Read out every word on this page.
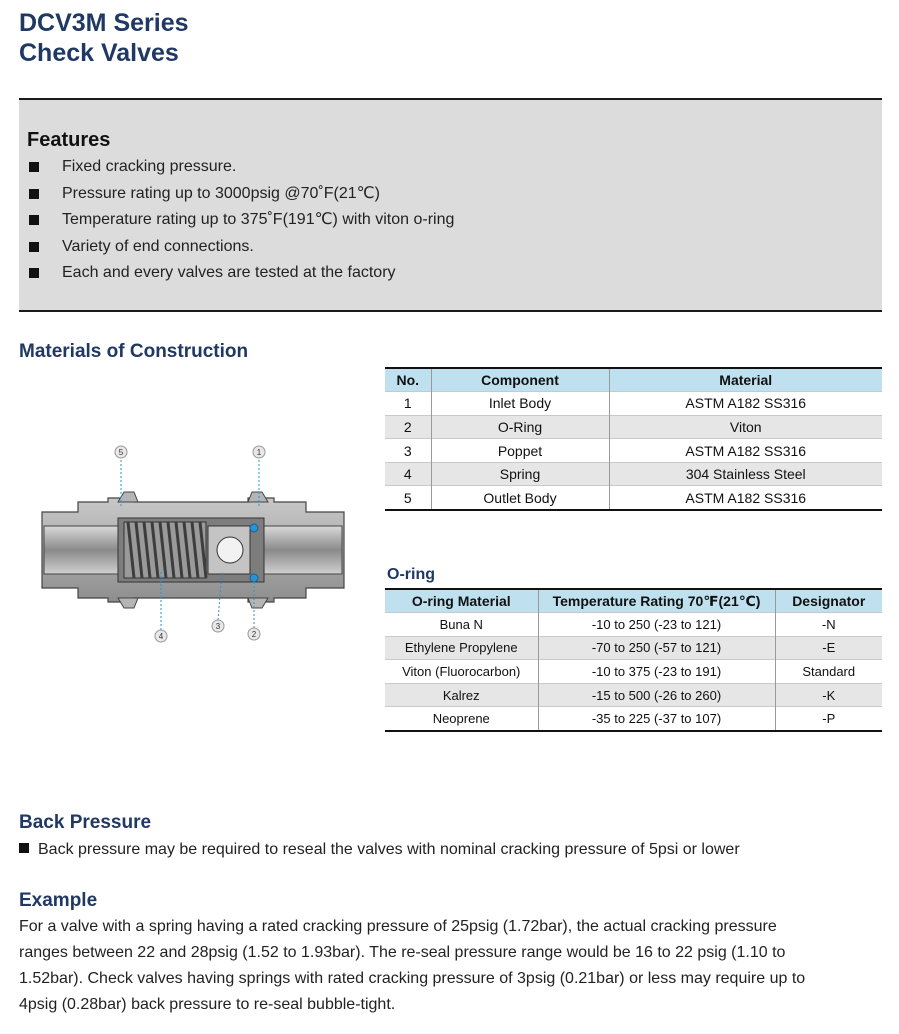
DCV3M Series
Check Valves
Features
Fixed cracking pressure.
Pressure rating up to 3000psig @70˚F(21℃)
Temperature rating up to 375˚F(191℃) with viton o-ring
Variety of end connections.
Each and every valves are tested at the factory
Materials of Construction
5	1
4
3
2
No.	Component	Material
1	Inlet Body	ASTM A182 SS316
2	O-Ring	Viton
3	Poppet	ASTM A182 SS316
4	Spring	304 Stainless Steel
5	Outlet Body	ASTM A182 SS316
O-ring
O-ring Material	Temperature Rating 70℉(21℃)	Designator
Buna N	-10 to 250 (-23 to 121)	-N
Ethylene Propylene	-70 to 250 (-57 to 121)	-E
Viton (Fluorocarbon)	-10 to 375 (-23 to 191)	Standard
Kalrez	-15 to 500 (-26 to 260)	-K
Neoprene	-35 to 225 (-37 to 107)	-P
Back Pressure
Back pressure may be required to reseal the valves with nominal cracking pressure of 5psi or lower
Example
For a valve with a spring having a rated cracking pressure of 25psig (1.72bar), the actual cracking pressure ranges between 22 and 28psig (1.52 to 1.93bar). The re-seal pressure range would be 16 to 22 psig (1.10 to 1.52bar). Check valves having springs with rated cracking pressure of 3psig (0.21bar) or less may require up to 4psig (0.28bar) back pressure to re-seal bubble-tight.
